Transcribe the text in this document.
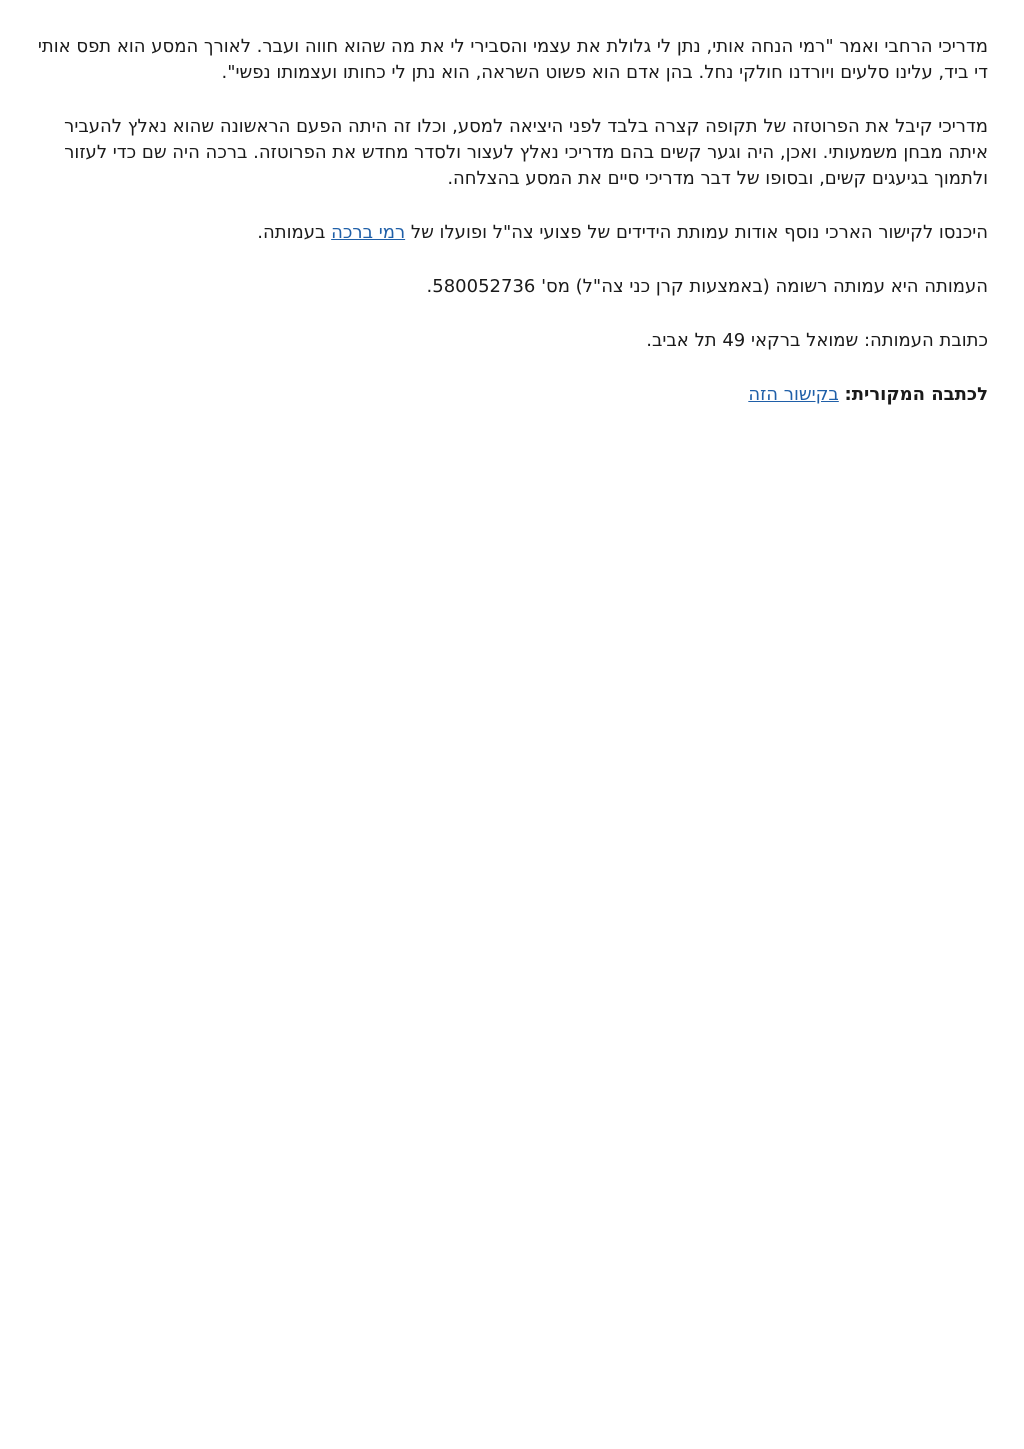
מדריכי הרחבי ואמר "רמי הנחה אותי, נתן לי גלולת את עצמי והסבירי לי את מה שהוא חווה ועבר. לאורך המסע הוא תפס אותי די ביד, עלינו סלעים ויורדנו חולקי נחל. בהן אדם הוא פשוט השראה, הוא נתן לי כחותו ועצמותו נפשי".

מדריכי קיבל את הפרוטזה של תקופה קצרה בלבד לפני היציאה למסע, וכלו זה היתה הפעם הראשונה שהוא נאלץ להעביר איתה מבחן משמעותי. ואכן, היה וגער קשים בהם מדריכי נאלץ לעצור ולסדר מחדש את הפרוטזה. ברכה היה שם כדי לעזור ולתמוך בגיעגים קשים, ובסופו של דבר מדריכי סיים את המסע בהצלחה.

היכנסו לקישור הארכי נוסף אודות עמותת הידידים של פצועי צה"ל ופועלו של רמי ברכה בעמותה.

העמותה היא עמותה רשומה (באמצעות קרן כני צה"ל) מס' 580052736.

כתובת העמותה: שמואל ברקאי 49 תל אביב.

לכתבה המקורית: בקישור הזה
